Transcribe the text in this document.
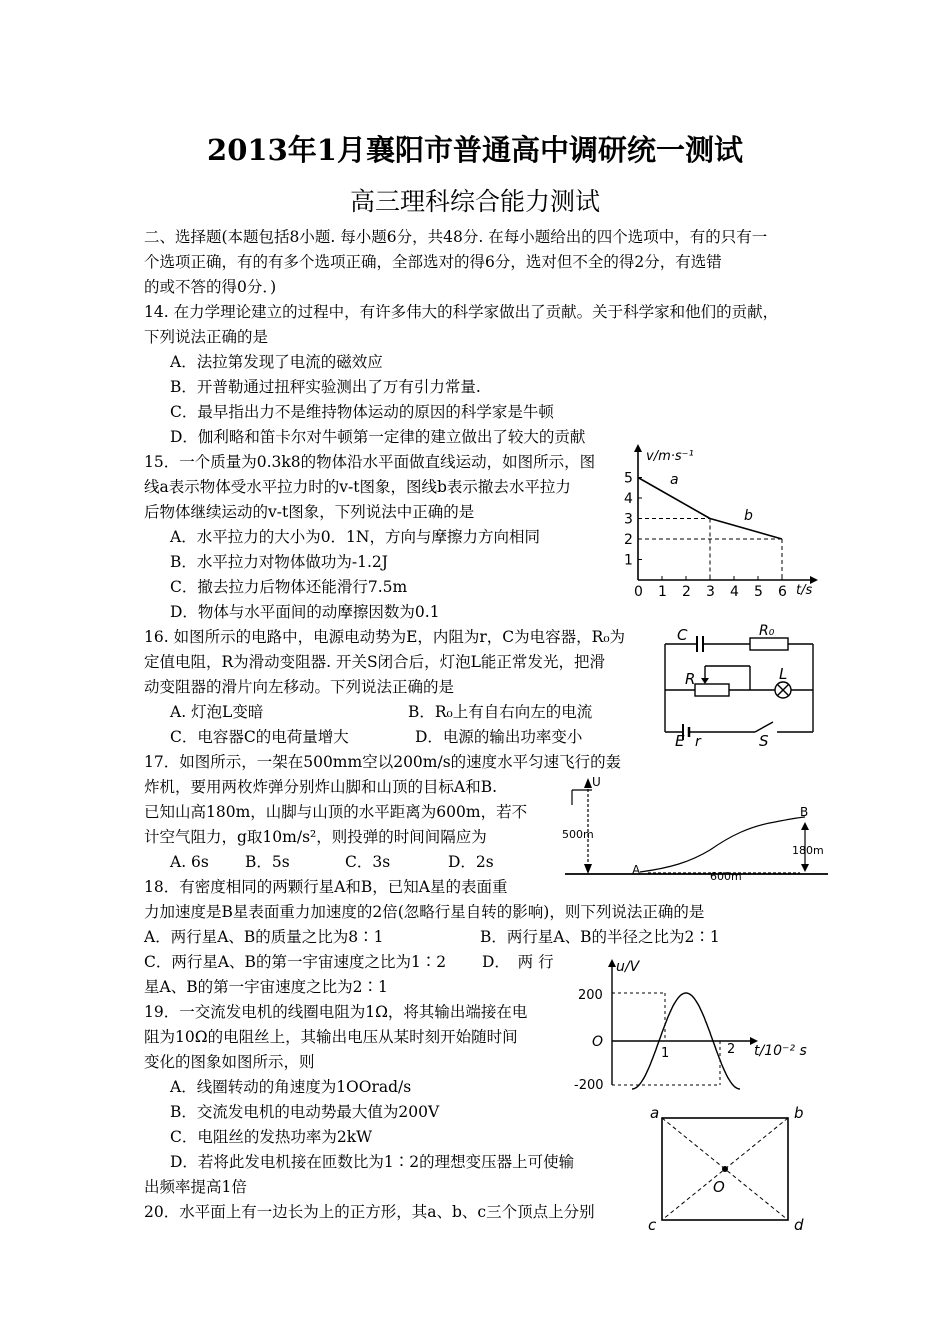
2013年1月襄阳市普通高中调研统一测试
高三理科综合能力测试
二、选择题(本题包括8小题. 每小题6分，共48分. 在每小题给出的四个选项中，有的只有一
个选项正确，有的有多个选项正确，全部选对的得6分，选对但不全的得2分，有选错
的或不答的得0分．)
14. 在力学理论建立的过程中，有许多伟大的科学家做出了贡献。关于科学家和他们的贡献，
下列说法正确的是
A．法拉第发现了电流的磁效应
B．开普勒通过扭秤实验测出了万有引力常量.
C．最早指出力不是维持物体运动的原因的科学家是牛顿
D．伽利略和笛卡尔对牛顿第一定律的建立做出了较大的贡献
15．一个质量为0.3k8的物体沿水平面做直线运动，如图所示，图
线a表示物体受水平拉力时的v-t图象，图线b表示撤去水平拉力
后物体继续运动的v-t图象，下列说法中正确的是
A．水平拉力的大小为0．1N，方向与摩擦力方向相同
B．水平拉力对物体做功为-1.2J
C．撤去拉力后物体还能滑行7.5m
D．物体与水平面间的动摩擦因数为0.1
16. 如图所示的电路中，电源电动势为E，内阻为r，C为电容器，R₀为
定值电阻，R为滑动变阻器. 开关S闭合后，灯泡L能正常发光，把滑
动变阻器的滑片向左移动。下列说法正确的是
A. 灯泡L变暗	B．R₀上有自右向左的电流
C．电容器C的电荷量增大	D．电源的输出功率变小
17．如图所示，一架在500mm空以200m/s的速度水平匀速飞行的轰
炸机，要用两枚炸弹分别炸山脚和山顶的目标A和B.
已知山高180m，山脚与山顶的水平距离为600m，若不
计空气阻力，g取10m/s²，则投弹的时间间隔应为
A. 6s B．5s	C．3s	D．2s
18．有密度相同的两颗行星A和B，已知A星的表面重
力加速度是B星表面重力加速度的2倍(忽略行星自转的影响)，则下列说法正确的是
A．两行星A、B的质量之比为8∶1	B．两行星A、B的半径之比为2∶1
C．两行星A、B的第一宇宙速度之比为1∶2 D．　两 行
星A、B的第一宇宙速度之比为2∶1
19．一交流发电机的线圈电阻为1Ω，将其输出端接在电
阻为10Ω的电阻丝上，其输出电压从某时刻开始随时间
变化的图象如图所示，则
A．线圈转动的角速度为1OOrad/s
B．交流发电机的电动势最大值为200V
C．电阻丝的发热功率为2kW
D．若将此发电机接在匝数比为1∶2的理想变压器上可使输
出频率提高1倍
20．水平面上有一边长为上的正方形，其a、b、c三个顶点上分别
v/m·s⁻¹
t/s
5
4
3
2
1
0 1 2 3 4 5 6
a
b
C	R₀
R	L
E r	S
U
500m
A
B
600m
180m
u/V
t/10⁻² s
200
-200
O
1	2
a	b
c	d
O
